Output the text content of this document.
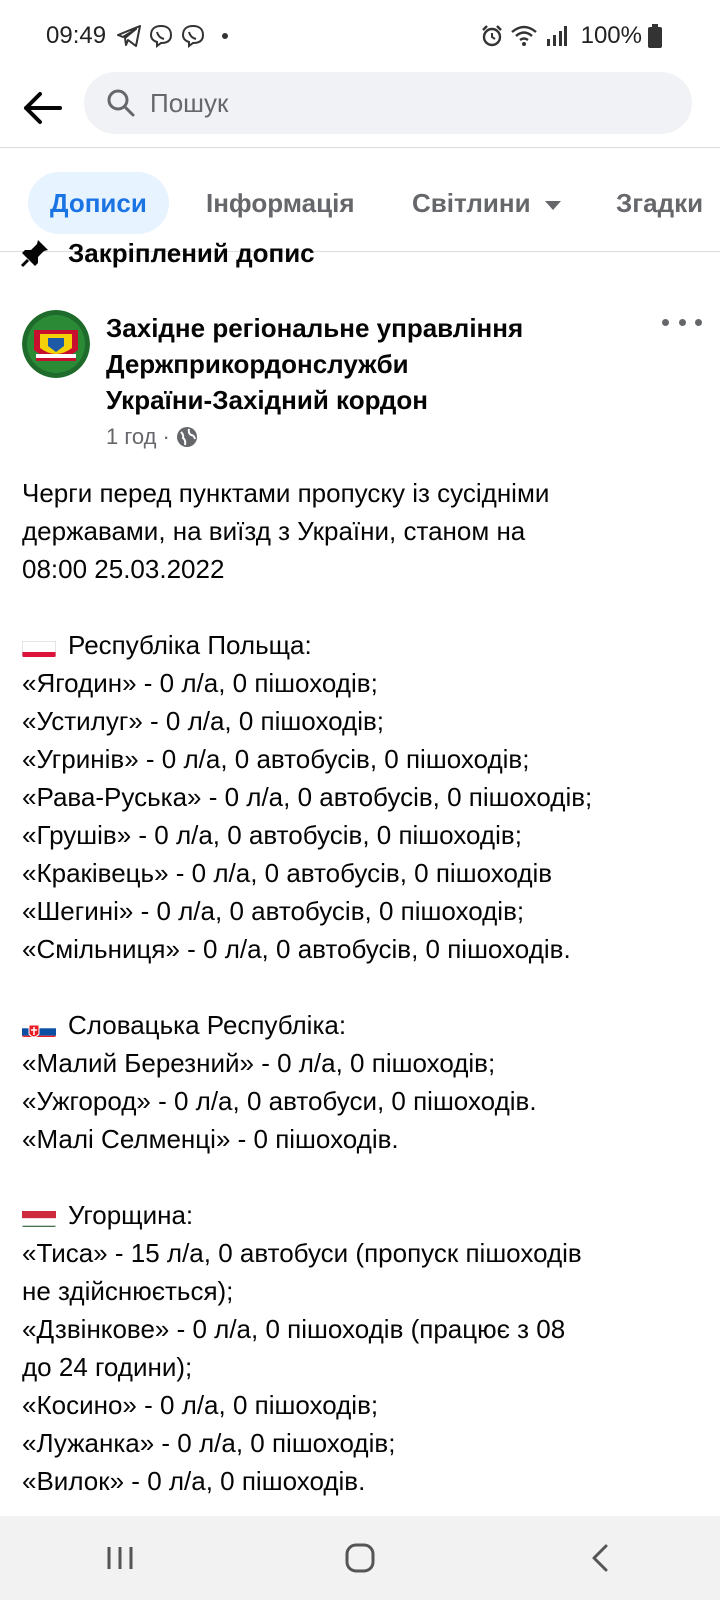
09:49	100%
Пошук
Дописи	Інформація Світлини	Згадки
Закріплений допис
Західне регіональне управління
Держприкордонслужби
України-Західний кордон
1 год ·

Черги перед пунктами пропуску із сусідніми

державами, на виїзд з України, станом на

08:00 25.03.2022

Республіка Польща:

«Ягодин» - 0 л/а, 0 пішоходів;

«Устилуг» - 0 л/а, 0 пішоходів;

«Угринів» - 0 л/а, 0 автобусів, 0 пішоходів;

«Рава-Руська» - 0 л/а, 0 автобусів, 0 пішоходів;

«Грушів» - 0 л/а, 0 автобусів, 0 пішоходів;

«Краківець» - 0 л/а, 0 автобусів, 0 пішоходів

«Шегині» - 0 л/а, 0 автобусів, 0 пішоходів;

«Смільниця» - 0 л/а, 0 автобусів, 0 пішоходів.

Словацька Республіка:

«Малий Березний» - 0 л/а, 0 пішоходів;

«Ужгород» - 0 л/а, 0 автобуси, 0 пішоходів.

«Малі Селменці» - 0 пішоходів.

Угорщина:

«Тиса» - 15 л/а, 0 автобуси (пропуск пішоходів

не здійснюється);

«Дзвінкове» - 0 л/а, 0 пішоходів (працює з 08

до 24 години);

«Косино» - 0 л/а, 0 пішоходів;

«Лужанка» - 0 л/а, 0 пішоходів;

«Вилок» - 0 л/а, 0 пішоходів.
